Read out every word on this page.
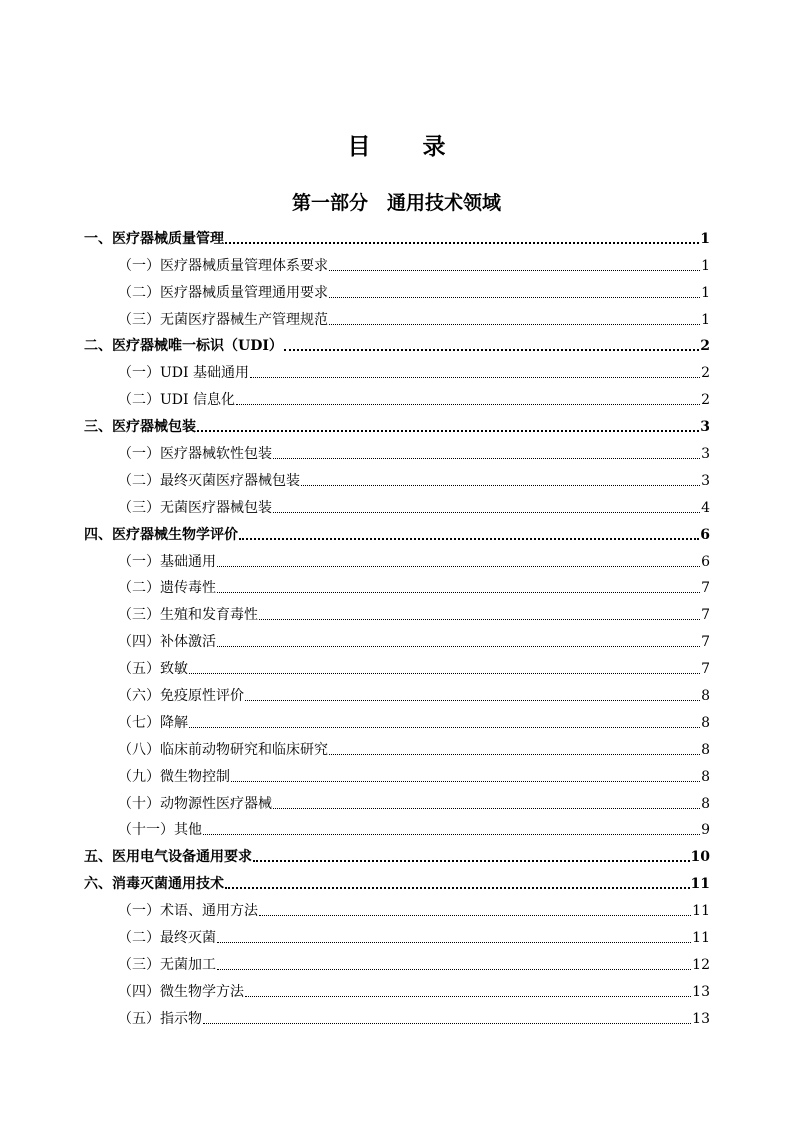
目 录
第一部分　通用技术领域
一、医疗器械质量管理	1
（一）医疗器械质量管理体系要求	1
（二）医疗器械质量管理通用要求	1
（三）无菌医疗器械生产管理规范	1
二、医疗器械唯一标识（UDI）	2
（一）UDI 基础通用	2
（二）UDI 信息化	2
三、医疗器械包装	3
（一）医疗器械软性包装	3
（二）最终灭菌医疗器械包装	3
（三）无菌医疗器械包装	4
四、医疗器械生物学评价	6
（一）基础通用	6
（二）遗传毒性	7
（三）生殖和发育毒性	7
（四）补体激活	7
（五）致敏	7
（六）免疫原性评价	8
（七）降解	8
（八）临床前动物研究和临床研究	8
（九）微生物控制	8
（十）动物源性医疗器械	8
（十一）其他	9
五、医用电气设备通用要求	10
六、消毒灭菌通用技术	11
（一）术语、通用方法	11
（二）最终灭菌	11
（三）无菌加工	12
（四）微生物学方法	13
（五）指示物	13
